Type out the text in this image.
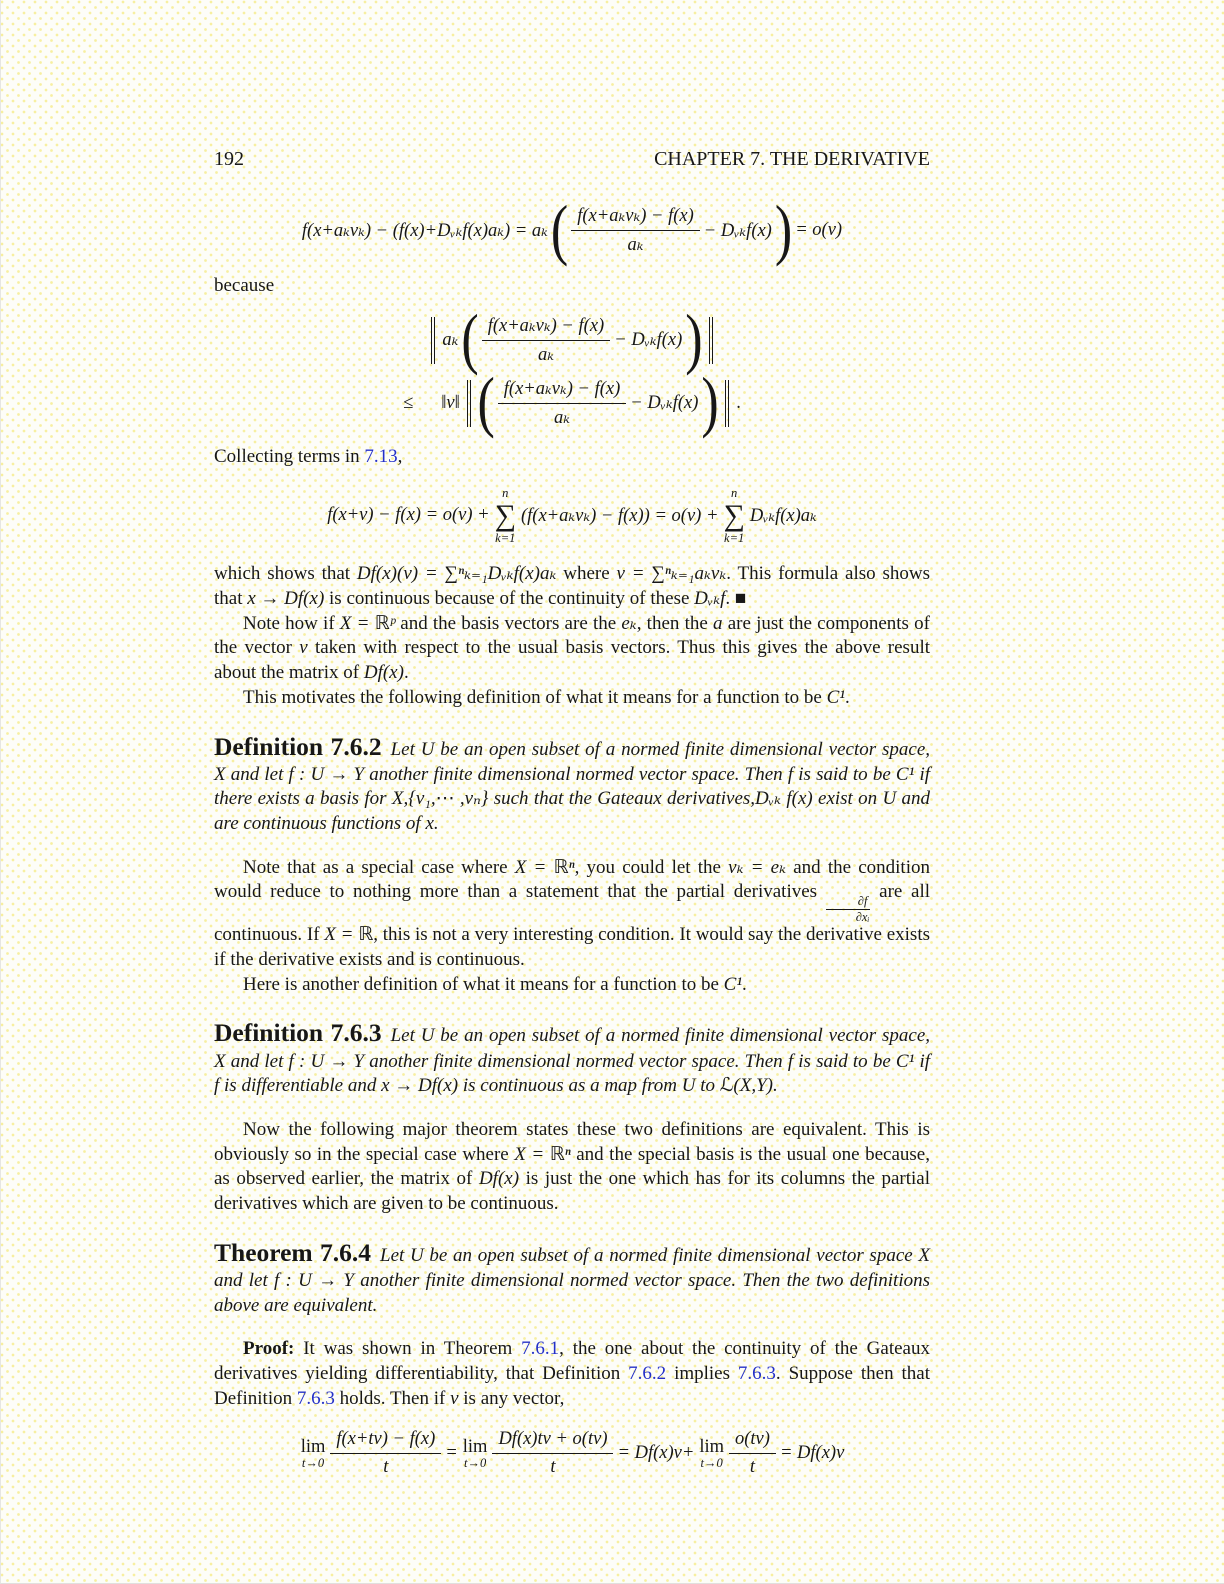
192	CHAPTER 7. THE DERIVATIVE
f(x+aₖvₖ) − (f(x)+Dᵥₖf(x)aₖ) = aₖ ( $\frac{\text{f(x+aₖvₖ) − f(x)}}{\text{aₖ}}$ − Dᵥₖf(x) ) = o(v)

because

aₖ ( $\frac{\text{f(x+aₖvₖ) − f(x)}}{\text{aₖ}}$ − Dᵥₖf(x) )
≤ ‖v‖ ( $\frac{\text{f(x+aₖvₖ) − f(x)}}{\text{aₖ}}$ − Dᵥₖf(x) ) .

Collecting terms in 7.13,

f(x+v) − f(x) = o(v) +
n
∑
k=1
(f(x+aₖvₖ) − f(x)) = o(v) +
n
∑
k=1
Dᵥₖf(x)aₖ

which shows that Df(x)(v) = ∑ⁿₖ₌₁Dᵥₖf(x)aₖ where v = ∑ⁿₖ₌₁aₖvₖ. This formula also shows that x → Df(x) is continuous because of the continuity of these Dᵥₖf. ■

Note how if X = ℝᵖ and the basis vectors are the eₖ, then the a are just the components of the vector v taken with respect to the usual basis vectors. Thus this gives the above result about the matrix of Df(x).

This motivates the following definition of what it means for a function to be C¹.

Definition 7.6.2 Let U be an open subset of a normed finite dimensional vector space, X and let f : U → Y another finite dimensional normed vector space. Then f is said to be C¹ if there exists a basis for X,{v₁,⋯ ,vₙ} such that the Gateaux derivatives,Dᵥₖ f(x) exist on U and are continuous functions of x.

Note that as a special case where X = ℝⁿ, you could let the vₖ = eₖ and the condition would reduce to nothing more than a statement that the partial derivatives
$\frac{\partial f}{\text{∂xᵢ}}$
are all continuous. If X = ℝ, this is not a very interesting condition. It would say the derivative exists if the derivative exists and is continuous.

Here is another definition of what it means for a function to be C¹.

Definition 7.6.3 Let U be an open subset of a normed finite dimensional vector space, X and let f : U → Y another finite dimensional normed vector space. Then f is said to be C¹ if f is differentiable and x → Df(x) is continuous as a map from U to ℒ(X,Y).

Now the following major theorem states these two definitions are equivalent. This is obviously so in the special case where X = ℝⁿ and the special basis is the usual one because, as observed earlier, the matrix of Df(x) is just the one which has for its columns the partial derivatives which are given to be continuous.

Theorem 7.6.4 Let U be an open subset of a normed finite dimensional vector space X and let f : U → Y another finite dimensional normed vector space. Then the two definitions above are equivalent.

Proof: It was shown in Theorem 7.6.1, the one about the continuity of the Gateaux derivatives yielding differentiability, that Definition 7.6.2 implies 7.6.3. Suppose then that Definition 7.6.3 holds. Then if v is any vector,

lim
$t\to 0 \frac{f(x+tv) - f(x)}{t} = \lim$
$t\to 0 \frac{Df(x)tv + o(tv)}{t} = Df(x)v+ \lim$
$t\to 0 \frac{o(tv)}{t} = Df(x)v$
